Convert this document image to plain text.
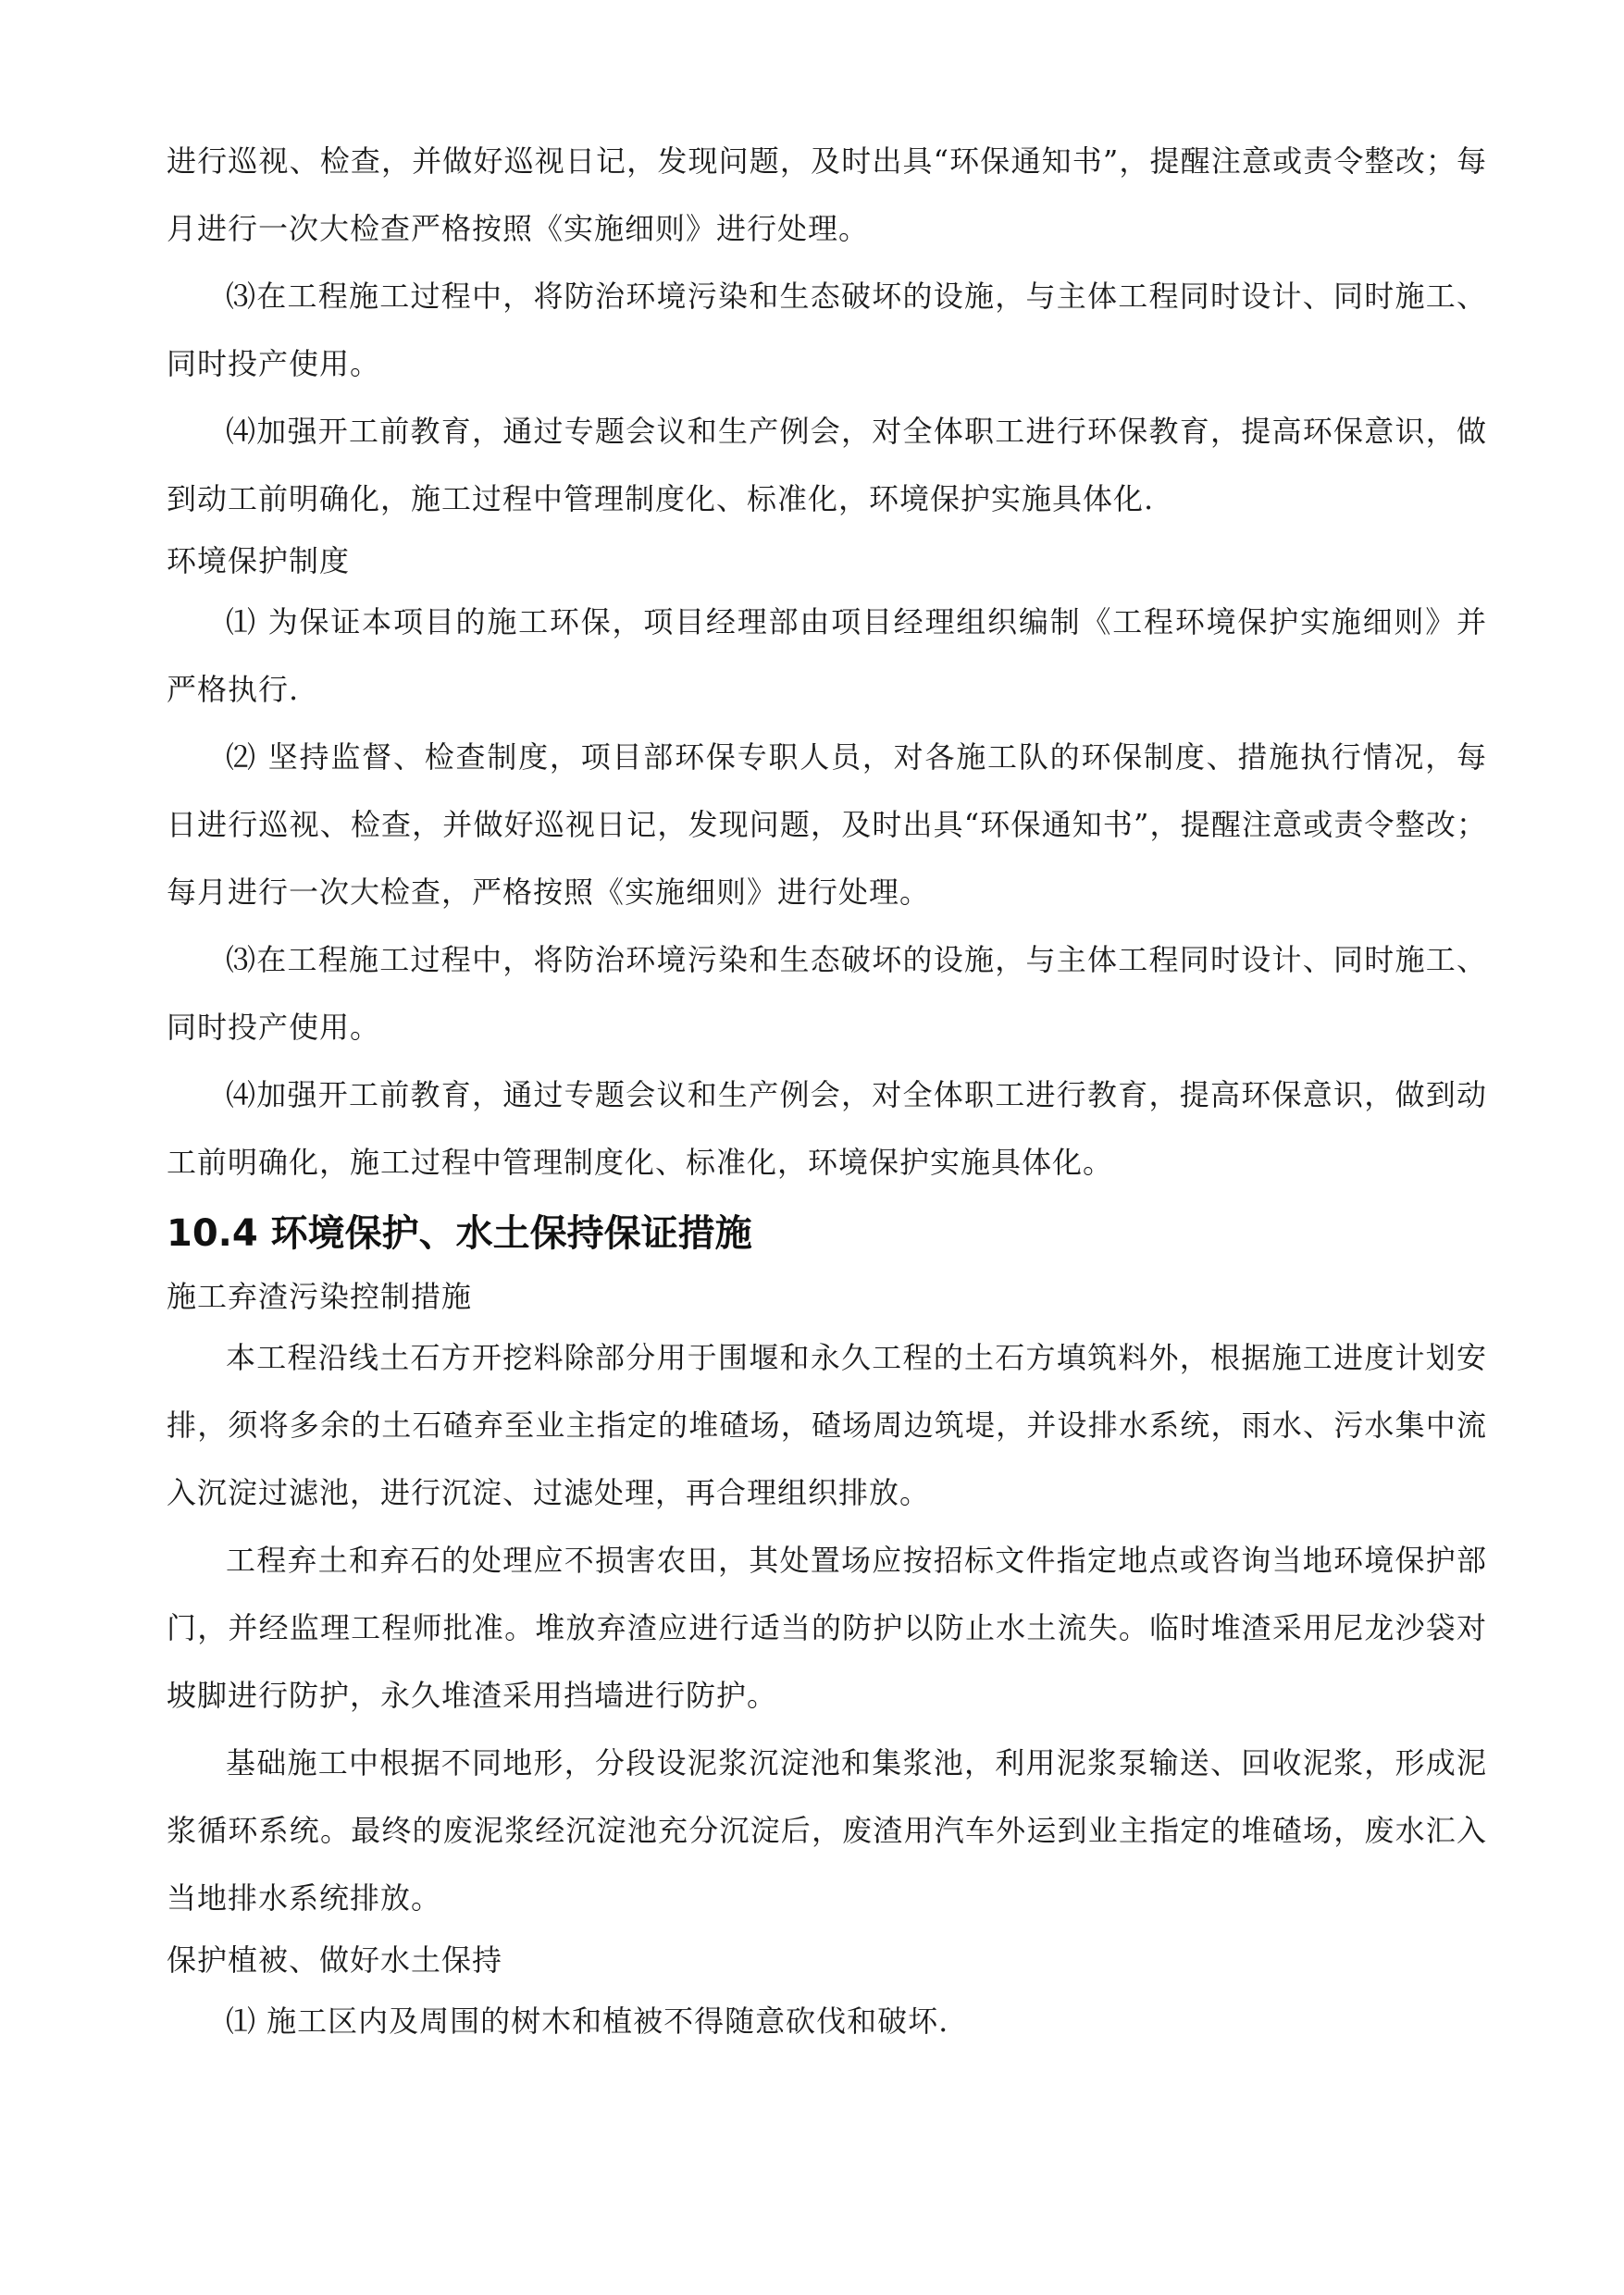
进行巡视、检查，并做好巡视日记，发现问题，及时出具“环保通知书”，提醒注意或责令整改；每月进行一次大检查严格按照《实施细则》进行处理。

⑶在工程施工过程中，将防治环境污染和生态破坏的设施，与主体工程同时设计、同时施工、同时投产使用。

⑷加强开工前教育，通过专题会议和生产例会，对全体职工进行环保教育，提高环保意识，做到动工前明确化，施工过程中管理制度化、标准化，环境保护实施具体化.

环境保护制度

⑴ 为保证本项目的施工环保，项目经理部由项目经理组织编制《工程环境保护实施细则》并严格执行.

⑵ 坚持监督、检查制度，项目部环保专职人员，对各施工队的环保制度、措施执行情况，每日进行巡视、检查，并做好巡视日记，发现问题，及时出具“环保通知书”，提醒注意或责令整改；每月进行一次大检查，严格按照《实施细则》进行处理。

⑶在工程施工过程中，将防治环境污染和生态破坏的设施，与主体工程同时设计、同时施工、同时投产使用。

⑷加强开工前教育，通过专题会议和生产例会，对全体职工进行教育，提高环保意识，做到动工前明确化，施工过程中管理制度化、标准化，环境保护实施具体化。

10.4 环境保护、水土保持保证措施

施工弃渣污染控制措施

本工程沿线土石方开挖料除部分用于围堰和永久工程的土石方填筑料外，根据施工进度计划安排，须将多余的土石碴弃至业主指定的堆碴场，碴场周边筑堤，并设排水系统，雨水、污水集中流入沉淀过滤池，进行沉淀、过滤处理，再合理组织排放。

工程弃土和弃石的处理应不损害农田，其处置场应按招标文件指定地点或咨询当地环境保护部门，并经监理工程师批准。堆放弃渣应进行适当的防护以防止水土流失。临时堆渣采用尼龙沙袋对坡脚进行防护，永久堆渣采用挡墙进行防护。

基础施工中根据不同地形，分段设泥浆沉淀池和集浆池，利用泥浆泵输送、回收泥浆，形成泥浆循环系统。最终的废泥浆经沉淀池充分沉淀后，废渣用汽车外运到业主指定的堆碴场，废水汇入当地排水系统排放。

保护植被、做好水土保持

⑴ 施工区内及周围的树木和植被不得随意砍伐和破坏.
